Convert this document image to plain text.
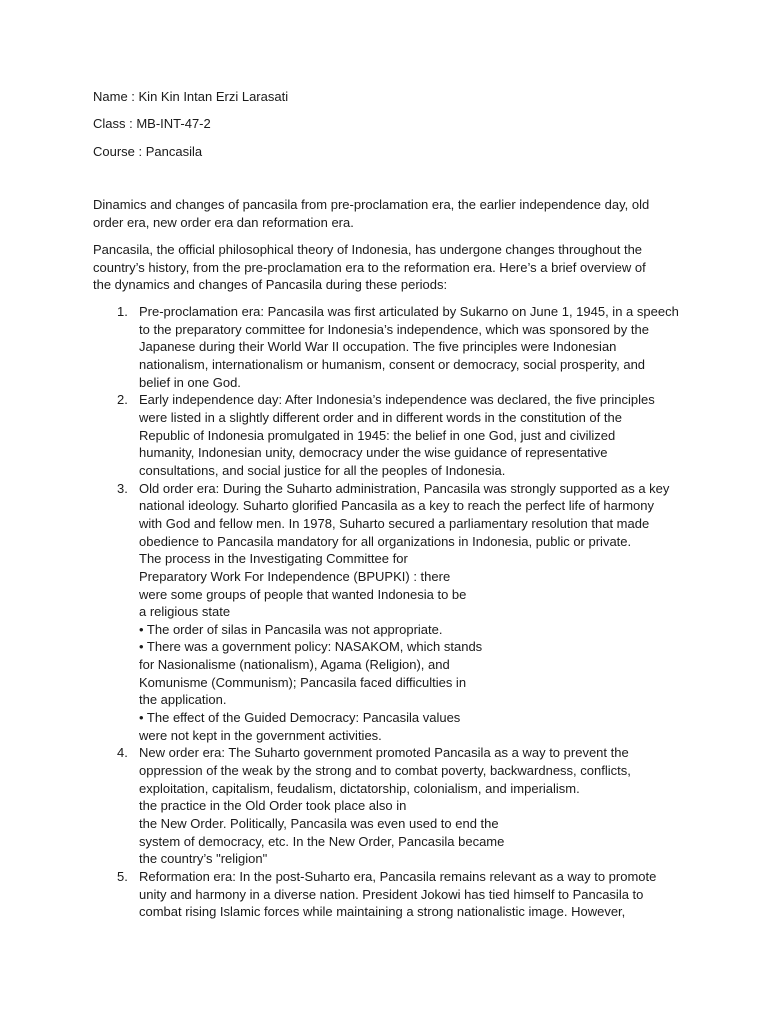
Name : Kin Kin Intan Erzi Larasati
Class : MB-INT-47-2
Course : Pancasila
Dinamics and changes of pancasila from pre-proclamation era, the earlier independence day, old
order era, new order era dan reformation era.
Pancasila, the official philosophical theory of Indonesia, has undergone changes throughout the
country’s history, from the pre-proclamation era to the reformation era. Here’s a brief overview of
the dynamics and changes of Pancasila during these periods:
1. Pre-proclamation era: Pancasila was first articulated by Sukarno on June 1, 1945, in a speech
to the preparatory committee for Indonesia’s independence, which was sponsored by the
Japanese during their World War II occupation. The five principles were Indonesian
nationalism, internationalism or humanism, consent or democracy, social prosperity, and
belief in one God.
2. Early independence day: After Indonesia’s independence was declared, the five principles
were listed in a slightly different order and in different words in the constitution of the
Republic of Indonesia promulgated in 1945: the belief in one God, just and civilized
humanity, Indonesian unity, democracy under the wise guidance of representative
consultations, and social justice for all the peoples of Indonesia.
3. Old order era: During the Suharto administration, Pancasila was strongly supported as a key
national ideology. Suharto glorified Pancasila as a key to reach the perfect life of harmony
with God and fellow men. In 1978, Suharto secured a parliamentary resolution that made
obedience to Pancasila mandatory for all organizations in Indonesia, public or private.
The process in the Investigating Committee for
Preparatory Work For Independence (BPUPKI) : there
were some groups of people that wanted Indonesia to be
a religious state
• The order of silas in Pancasila was not appropriate.
• There was a government policy: NASAKOM, which stands
for Nasionalisme (nationalism), Agama (Religion), and
Komunisme (Communism); Pancasila faced difficulties in
the application.
• The effect of the Guided Democracy: Pancasila values
were not kept in the government activities.
4. New order era: The Suharto government promoted Pancasila as a way to prevent the
oppression of the weak by the strong and to combat poverty, backwardness, conflicts,
exploitation, capitalism, feudalism, dictatorship, colonialism, and imperialism.
the practice in the Old Order took place also in
the New Order. Politically, Pancasila was even used to end the
system of democracy, etc. In the New Order, Pancasila became
the country’s "religion"
5. Reformation era: In the post-Suharto era, Pancasila remains relevant as a way to promote
unity and harmony in a diverse nation. President Jokowi has tied himself to Pancasila to
combat rising Islamic forces while maintaining a strong nationalistic image. However,
